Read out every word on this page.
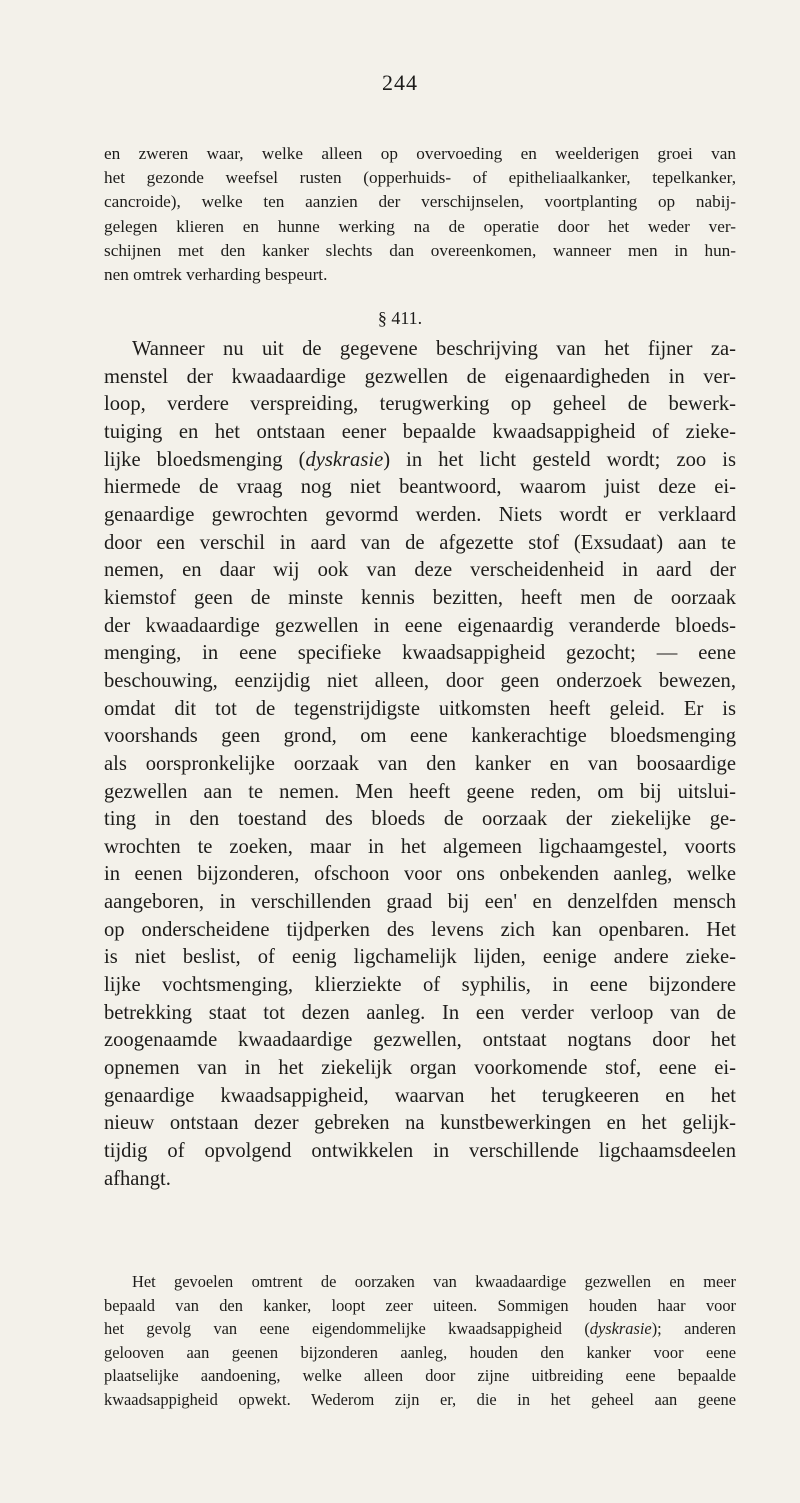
244
en zweren waar, welke alleen op overvoeding en weelderigen groei van
het gezonde weefsel rusten (opperhuids- of epitheliaalkanker, tepelkanker,
cancroide), welke ten aanzien der verschijnselen, voortplanting op nabij-
gelegen klieren en hunne werking na de operatie door het weder ver-
schijnen met den kanker slechts dan overeenkomen, wanneer men in hun-
nen omtrek verharding bespeurt.
§ 411.
Wanneer nu uit de gegevene beschrijving van het fijner za-
menstel der kwaadaardige gezwellen de eigenaardigheden in ver-
loop, verdere verspreiding, terugwerking op geheel de bewerk-
tuiging en het ontstaan eener bepaalde kwaadsappigheid of zieke-
lijke bloedsmenging (dyskrasie) in het licht gesteld wordt; zoo is
hiermede de vraag nog niet beantwoord, waarom juist deze ei-
genaardige gewrochten gevormd werden. Niets wordt er verklaard
door een verschil in aard van de afgezette stof (Exsudaat) aan te
nemen, en daar wij ook van deze verscheidenheid in aard der
kiemstof geen de minste kennis bezitten, heeft men de oorzaak
der kwaadaardige gezwellen in eene eigenaardig veranderde bloeds-
menging, in eene specifieke kwaadsappigheid gezocht; — eene
beschouwing, eenzijdig niet alleen, door geen onderzoek bewezen,
omdat dit tot de tegenstrijdigste uitkomsten heeft geleid. Er is
voorshands geen grond, om eene kankerachtige bloedsmenging
als oorspronkelijke oorzaak van den kanker en van boosaardige
gezwellen aan te nemen. Men heeft geene reden, om bij uitslui-
ting in den toestand des bloeds de oorzaak der ziekelijke ge-
wrochten te zoeken, maar in het algemeen ligchaamgestel, voorts
in eenen bijzonderen, ofschoon voor ons onbekenden aanleg, welke
aangeboren, in verschillenden graad bij een' en denzelfden mensch
op onderscheidene tijdperken des levens zich kan openbaren. Het
is niet beslist, of eenig ligchamelijk lijden, eenige andere zieke-
lijke vochtsmenging, klierziekte of syphilis, in eene bijzondere
betrekking staat tot dezen aanleg. In een verder verloop van de
zoogenaamde kwaadaardige gezwellen, ontstaat nogtans door het
opnemen van in het ziekelijk organ voorkomende stof, eene ei-
genaardige kwaadsappigheid, waarvan het terugkeeren en het
nieuw ontstaan dezer gebreken na kunstbewerkingen en het gelijk-
tijdig of opvolgend ontwikkelen in verschillende ligchaamsdeelen
afhangt.
Het gevoelen omtrent de oorzaken van kwaadaardige gezwellen en meer
bepaald van den kanker, loopt zeer uiteen. Sommigen houden haar voor
het gevolg van eene eigendommelijke kwaadsappigheid (dyskrasie); anderen
gelooven aan geenen bijzonderen aanleg, houden den kanker voor eene
plaatselijke aandoening, welke alleen door zijne uitbreiding eene bepaalde
kwaadsappigheid opwekt. Wederom zijn er, die in het geheel aan geene
